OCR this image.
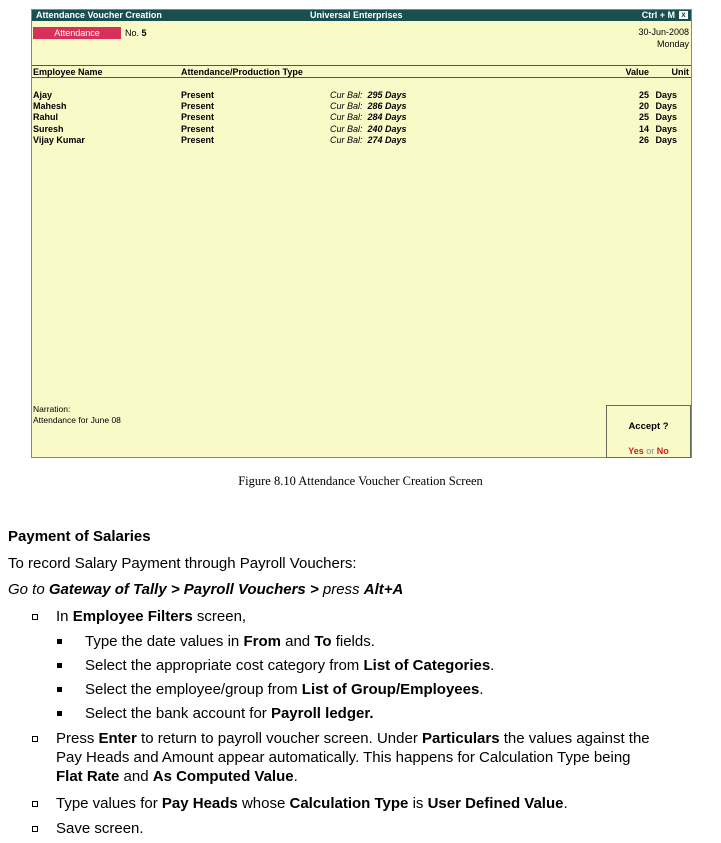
Attendance Voucher Creation	Universal Enterprises	Ctrl + M x
Attendance	No. 5	30-Jun-2008
Monday
Employee Name	Attendance/Production Type	Value	Unit
Ajay	Present	Cur Bal: 295 Days	25 Days
Mahesh	Present	Cur Bal: 286 Days	20 Days
Rahul	Present	Cur Bal: 284 Days	25 Days
Suresh	Present	Cur Bal: 240 Days	14 Days
Vijay Kumar	Present	Cur Bal: 274 Days	26 Days
Narration:
Attendance for June 08
Accept ?
Yes or No
Figure 8.10 Attendance Voucher Creation Screen
Payment of Salaries
To record Salary Payment through Payroll Vouchers:
Go to Gateway of Tally > Payroll Vouchers > press Alt+A
In Employee Filters screen,
Type the date values in From and To fields.
Select the appropriate cost category from List of Categories.
Select the employee/group from List of Group/Employees.
Select the bank account for Payroll ledger.
Press Enter to return to payroll voucher screen. Under Particulars the values against the
Pay Heads and Amount appear automatically. This happens for Calculation Type being
Flat Rate and As Computed Value.
Type values for Pay Heads whose Calculation Type is User Defined Value.
Save screen.
